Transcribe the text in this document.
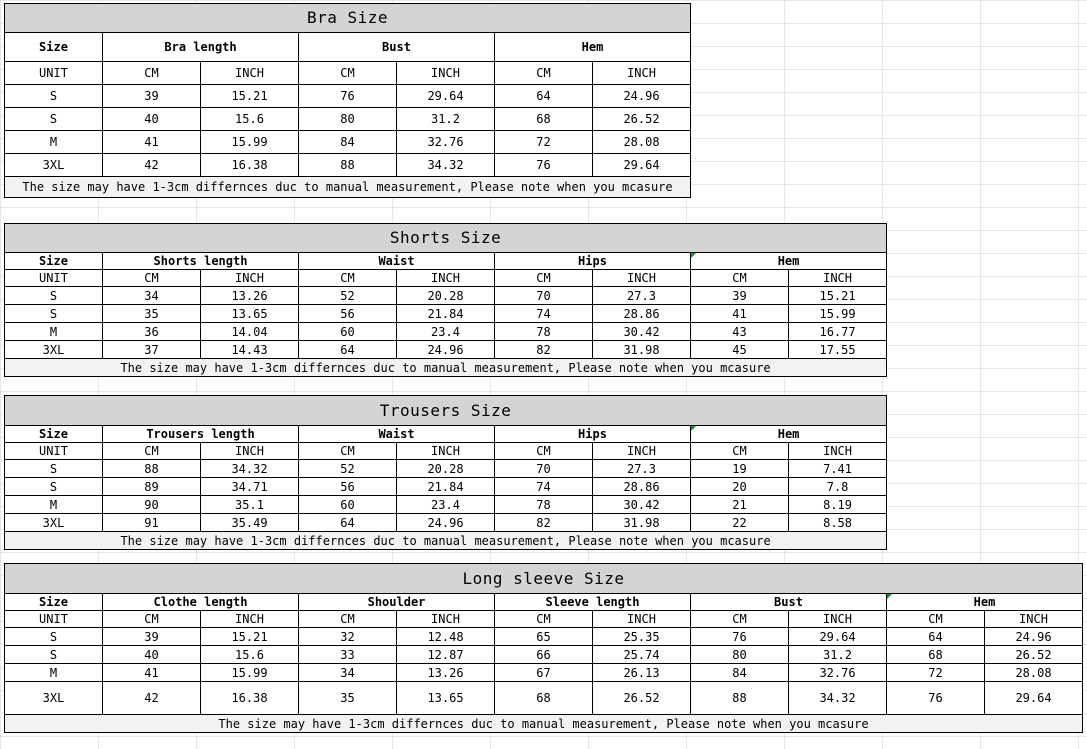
Bra Size						
Size	Bra length		Bust		Hem	
UNIT	CM	INCH	CM	INCH	CM	INCH
S	39	15.21	76	29.64	64	24.96
S	40	15.6	80	31.2	68	26.52
M	41	15.99	84	32.76	72	28.08
3XL	42	16.38	88	34.32	76	29.64
The size may have 1-3cm differnces duc to manual measurement, Please note when you mcasure						
Shorts Size								
Size	Shorts length		Waist		Hips		Hem	
UNIT	CM	INCH	CM	INCH	CM	INCH	CM	INCH
S	34	13.26	52	20.28	70	27.3	39	15.21
S	35	13.65	56	21.84	74	28.86	41	15.99
M	36	14.04	60	23.4	78	30.42	43	16.77
3XL	37	14.43	64	24.96	82	31.98	45	17.55
The size may have 1-3cm differnces duc to manual measurement, Please note when you mcasure								
Trousers Size								
Size	Trousers length		Waist		Hips		Hem	
UNIT	CM	INCH	CM	INCH	CM	INCH	CM	INCH
S	88	34.32	52	20.28	70	27.3	19	7.41
S	89	34.71	56	21.84	74	28.86	20	7.8
M	90	35.1	60	23.4	78	30.42	21	8.19
3XL	91	35.49	64	24.96	82	31.98	22	8.58
The size may have 1-3cm differnces duc to manual measurement, Please note when you mcasure								
Long sleeve Size										
Size	Clothe length		Shoulder		Sleeve length		Bust		Hem	
UNIT	CM	INCH	CM	INCH	CM	INCH	CM	INCH	CM	INCH
S	39	15.21	32	12.48	65	25.35	76	29.64	64	24.96
S	40	15.6	33	12.87	66	25.74	80	31.2	68	26.52
M	41	15.99	34	13.26	67	26.13	84	32.76	72	28.08
3XL	42	16.38	35	13.65	68	26.52	88	34.32	76	29.64
The size may have 1-3cm differnces duc to manual measurement, Please note when you mcasure										
